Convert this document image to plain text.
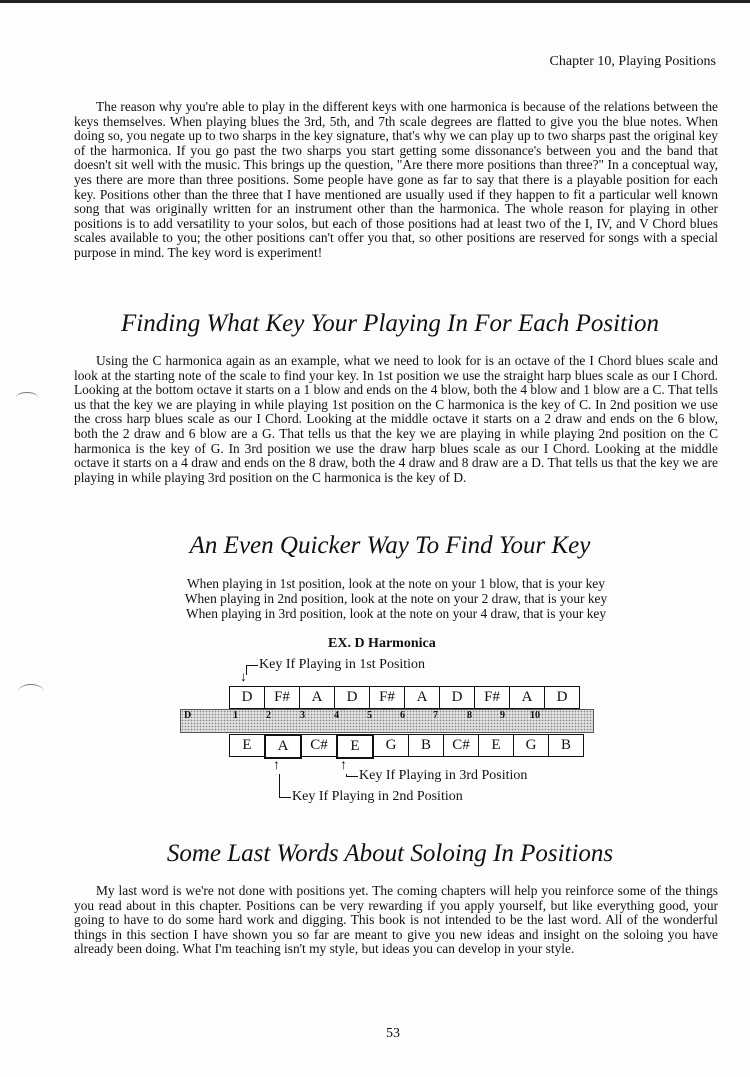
Chapter 10, Playing Positions

The reason why you're able to play in the different keys with one harmonica is because of the relations between the keys themselves. When playing blues the 3rd, 5th, and 7th scale degrees are flatted to give you the blue notes. When doing so, you negate up to two sharps in the key signature, that's why we can play up to two sharps past the original key of the harmonica. If you go past the two sharps you start getting some dissonance's between you and the band that doesn't sit well with the music. This brings up the question, "Are there more positions than three?" In a conceptual way, yes there are more than three positions. Some people have gone as far to say that there is a playable position for each key. Positions other than the three that I have mentioned are usually used if they happen to fit a particular well known song that was originally written for an instrument other than the harmonica. The whole reason for playing in other positions is to add versatility to your solos, but each of those positions had at least two of the I, IV, and V Chord blues scales available to you; the other positions can't offer you that, so other positions are reserved for songs with a special purpose in mind. The key word is experiment!

Finding What Key Your Playing In For Each Position

Using the C harmonica again as an example, what we need to look for is an octave of the I Chord blues scale and look at the starting note of the scale to find your key. In 1st position we use the straight harp blues scale as our I Chord. Looking at the bottom octave it starts on a 1 blow and ends on the 4 blow, both the 4 blow and 1 blow are a C. That tells us that the key we are playing in while playing 1st position on the C harmonica is the key of C. In 2nd position we use the cross harp blues scale as our I Chord. Looking at the middle octave it starts on a 2 draw and ends on the 6 blow, both the 2 draw and 6 blow are a G. That tells us that the key we are playing in while playing 2nd position on the C harmonica is the key of G. In 3rd position we use the draw harp blues scale as our I Chord. Looking at the middle octave it starts on a 4 draw and ends on the 8 draw, both the 4 draw and 8 draw are a D. That tells us that the key we are playing in while playing 3rd position on the C harmonica is the key of D.

An Even Quicker Way To Find Your Key
When playing in 1st position, look at the note on your 1 blow, that is your key
When playing in 2nd position, look at the note on your 2 draw, that is your key
When playing in 3rd position, look at the note on your 4 draw, that is your key
EX. D Harmonica
Key If Playing in 1st Position
↓
D	F#	A	D	F#	A	D	F#	A	D
D	1	2	3	4	5	6	7	8	9	10
E	A	C#	E	G	B	C#	E	G	B
↑
Key If Playing in 2nd Position
↑
Key If Playing in 3rd Position
Some Last Words About Soloing In Positions

My last word is we're not done with positions yet. The coming chapters will help you reinforce some of the things you read about in this chapter. Positions can be very rewarding if you apply yourself, but like everything good, your going to have to do some hard work and digging. This book is not intended to be the last word. All of the wonderful things in this section I have shown you so far are meant to give you new ideas and insight on the soloing you have already been doing. What I'm teaching isn't my style, but ideas you can develop in your style.

53
